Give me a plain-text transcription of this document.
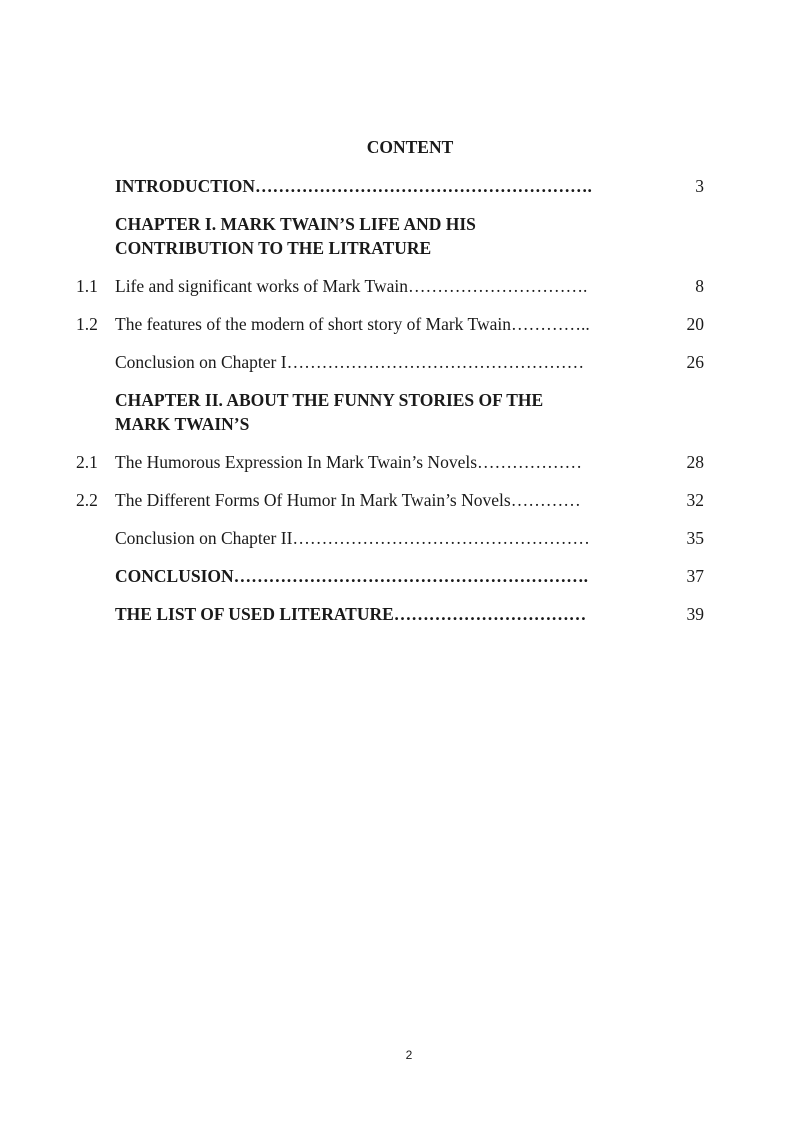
CONTENT
INTRODUCTION………………………………………………….	3
CHAPTER I. MARK TWAIN’S LIFE AND HIS CONTRIBUTION TO THE LITRATURE
1.1 Life and significant works of Mark Twain………………………….	8
1.2 The features of the modern of short story of Mark Twain…………..	20
Conclusion on Chapter I……………………………………………	26
CHAPTER II. ABOUT THE FUNNY STORIES OF THE MARK TWAIN’S
2.1 The Humorous Expression In Mark Twain’s Novels………………	28
2.2 The Different Forms Of Humor In Mark Twain’s Novels…………	32
Conclusion on Chapter II……………………………………………	35
CONCLUSION…………………………………………………….	37
THE LIST OF USED LITERATURE……………………………	39
2
